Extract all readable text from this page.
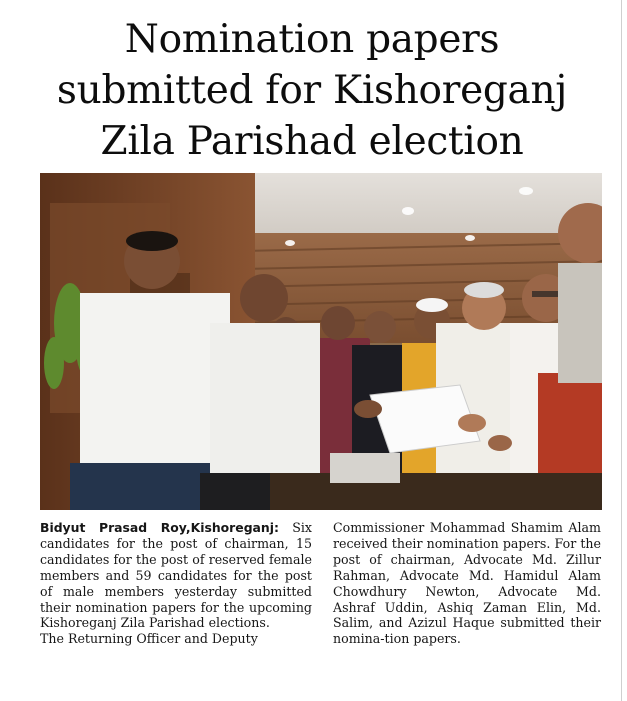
Nomination papers
submitted for Kishoreganj
Zila Parishad election

Bidyut Prasad Roy,Kishoreganj: Six candidates for the post of chairman, 15 candidates for the post of reserved female members and 59 candidates for the post of male members yesterday submitted their nomination papers for the upcoming Kishoreganj Zila Parishad elections.

The Returning Officer and Deputy

Commissioner Mohammad Shamim Alam received their nomination papers. For the post of chairman, Advocate Md. Zillur Rahman, Advocate Md. Hamidul Alam Chowdhury Newton, Advocate Md. Ashraf Uddin, Ashiq Zaman Elin, Md. Salim, and Azizul Haque submitted their nomina-tion papers.
